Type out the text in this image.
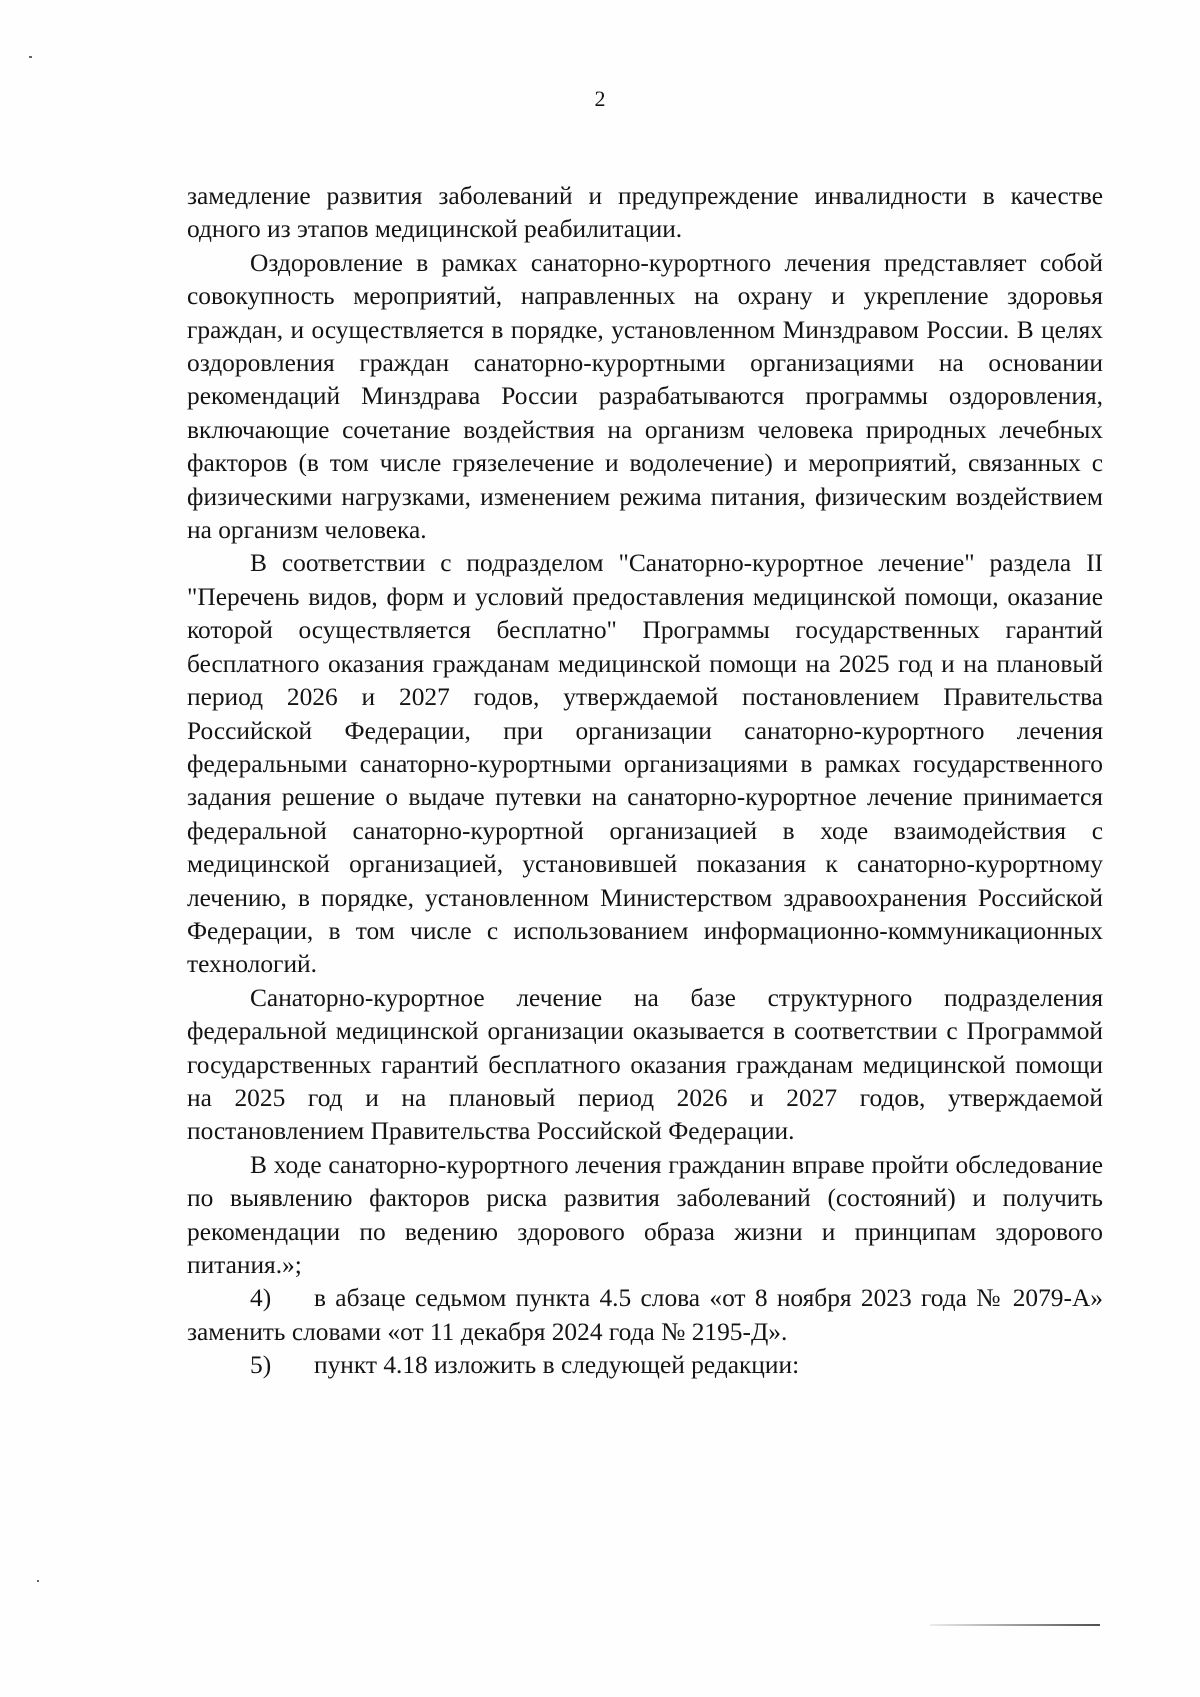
2

замедление развития заболеваний и предупреждение инвалидности в качестве одного из этапов медицинской реабилитации.

Оздоровление в рамках санаторно-курортного лечения представляет собой совокупность мероприятий, направленных на охрану и укрепление здоровья граждан, и осуществляется в порядке, установленном Минздравом России. В целях оздоровления граждан санаторно-курортными организациями на основании рекомендаций Минздрава России разрабатываются программы оздоровления, включающие сочетание воздействия на организм человека природных лечебных факторов (в том числе грязелечение и водолечение) и мероприятий, связанных с физическими нагрузками, изменением режима питания, физическим воздействием на организм человека.

В соответствии с подразделом "Санаторно-курортное лечение" раздела II "Перечень видов, форм и условий предоставления медицинской помощи, оказание которой осуществляется бесплатно" Программы государственных гарантий бесплатного оказания гражданам медицинской помощи на 2025 год и на плановый период 2026 и 2027 годов, утверждаемой постановлением Правительства Российской Федерации, при организации санаторно-курортного лечения федеральными санаторно-курортными организациями в рамках государственного задания решение о выдаче путевки на санаторно-курортное лечение принимается федеральной санаторно-курортной организацией в ходе взаимодействия с медицинской организацией, установившей показания к санаторно-курортному лечению, в порядке, установленном Министерством здравоохранения Российской Федерации, в том числе с использованием информационно-коммуникационных технологий.

Санаторно-курортное лечение на базе структурного подразделения федеральной медицинской организации оказывается в соответствии с Программой государственных гарантий бесплатного оказания гражданам медицинской помощи на 2025 год и на плановый период 2026 и 2027 годов, утверждаемой постановлением Правительства Российской Федерации.

В ходе санаторно-курортного лечения гражданин вправе пройти обследование по выявлению факторов риска развития заболеваний (состояний) и получить рекомендации по ведению здорового образа жизни и принципам здорового питания.»;

4) в абзаце седьмом пункта 4.5 слова «от 8 ноября 2023 года № 2079-А» заменить словами «от 11 декабря 2024 года № 2195-Д».

5) пункт 4.18 изложить в следующей редакции:
